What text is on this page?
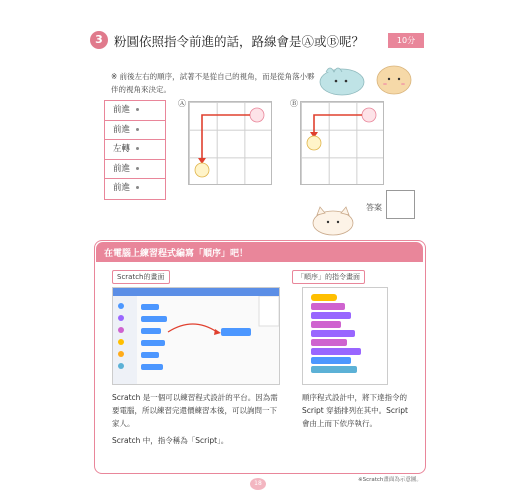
3 粉圓依照指令前進的話，路線會是Ⓐ或Ⓑ呢？	10分
※ 前後左右的順序，試著不是從自己的視角，而是從角落小夥伴的視角來決定。
前進
前進
左轉
前進
前進
Ⓐ	Ⓑ
答案
在電腦上練習程式編寫「順序」吧！
Scratch的畫面	「順序」的指令畫面
Scratch 是一個可以練習程式設計的平台。因為需要電腦，所以練習完還價練習本後，可以詢問一下家人。
Scratch 中，指令稱為「Script」。
順序程式設計中，將下達指令的 Script 穿插排列在其中。Script 會由上而下依序執行。
※Scratch畫面為示意圖。
18
